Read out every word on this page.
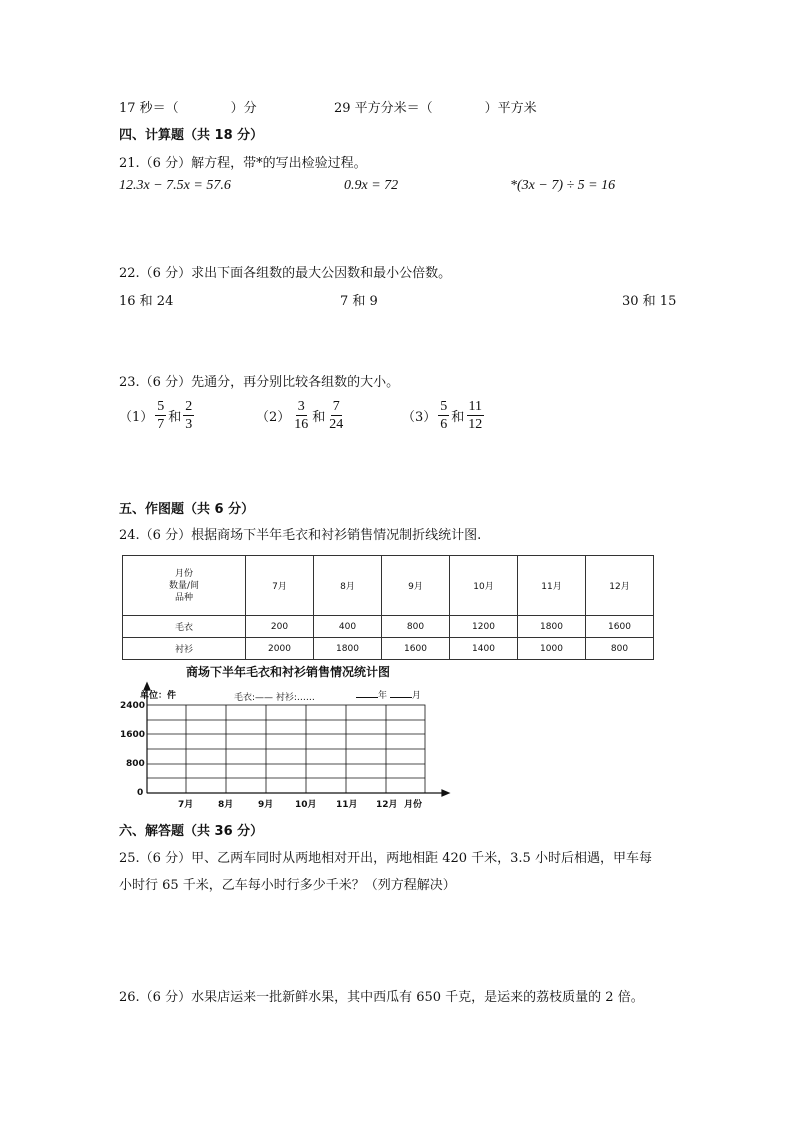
17 秒＝（　　　　）分	29 平方分米＝（　　　　）平方米
四、计算题（共 18 分）
21.（6 分）解方程，带*的写出检验过程。
12.3x − 7.5x = 57.6	0.9x = 72	*(3x − 7) ÷ 5 = 16
22.（6 分）求出下面各组数的最大公因数和最小公倍数。
16 和 24	7 和 9	30 和 15
23.（6 分）先通分，再分别比较各组数的大小。
$(1) \frac{5}{7}$ 和 $\frac{2}{3}$	$(2) \frac{3}{16}$ 和 $\frac{7}{24}$	$(3) \frac{5}{6}$ 和 $\frac{11}{12}$
五、作图题（共 6 分）
24.（6 分）根据商场下半年毛衣和衬衫销售情况制折线统计图.
月份
数量/间
品种	7月	8月	9月	10月	11月	12月
毛衣	200	400	800	1200	1800	1600
衬衫	2000	1800	1600	1400	1000	800
商场下半年毛衣和衬衫销售情况统计图
单位：件	毛衣:—— 衬衫:……	年	月
2400
1600
800
0
7月	8月	9月 10月 11月 12月 月份
六、解答题（共 36 分）
25.（6 分）甲、乙两车同时从两地相对开出，两地相距 420 千米，3.5 小时后相遇，甲车每
小时行 65 千米，乙车每小时行多少千米？（列方程解决）
26.（6 分）水果店运来一批新鲜水果，其中西瓜有 650 千克，是运来的荔枝质量的 2 倍。
